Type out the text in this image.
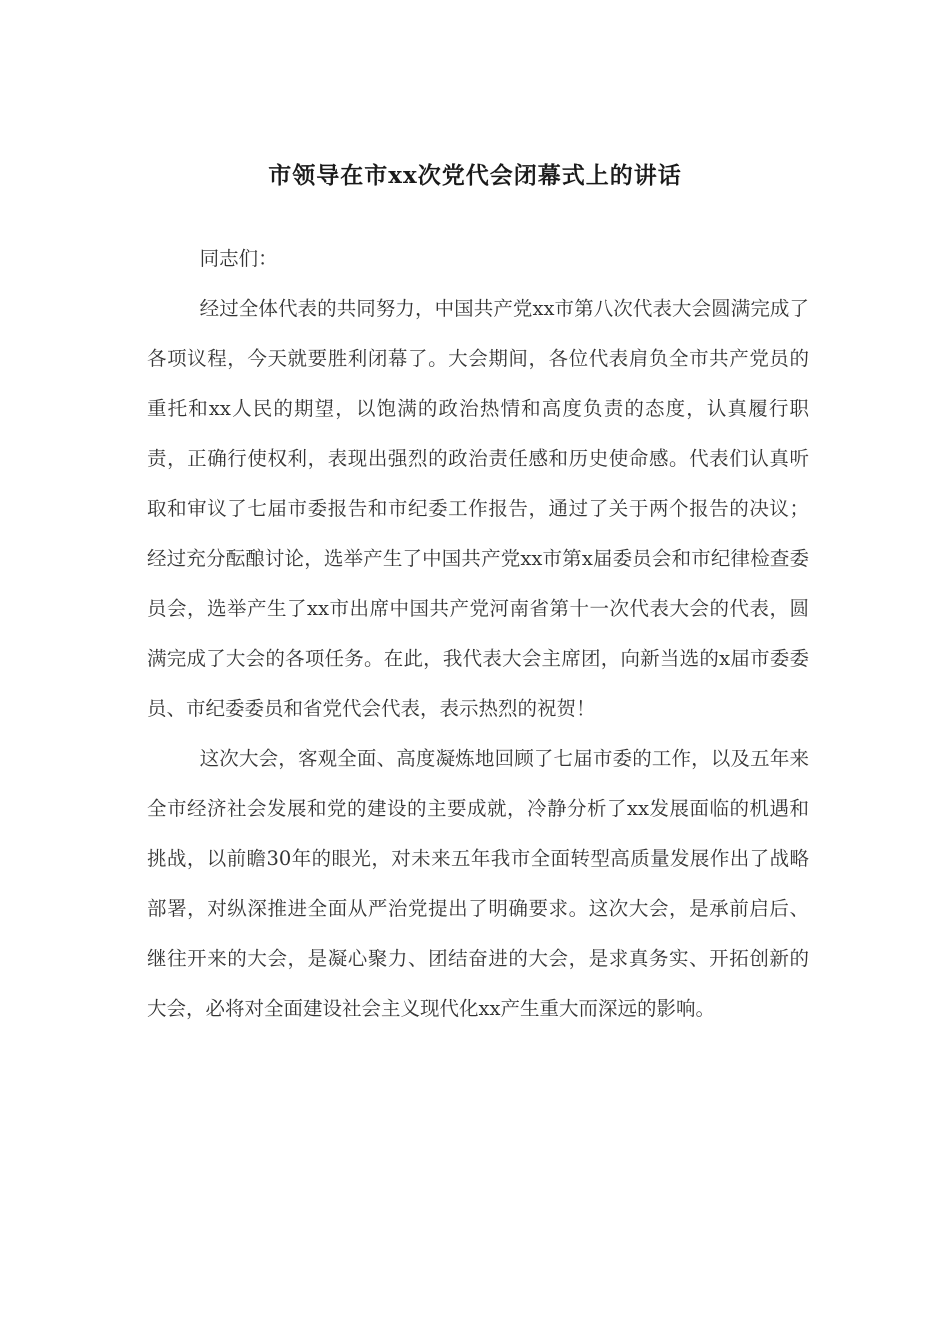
市领导在市xx次党代会闭幕式上的讲话

同志们：

经过全体代表的共同努力，中国共产党xx市第八次代表大会圆满完成了各项议程，今天就要胜利闭幕了。大会期间，各位代表肩负全市共产党员的重托和xx人民的期望，以饱满的政治热情和高度负责的态度，认真履行职责，正确行使权利，表现出强烈的政治责任感和历史使命感。代表们认真听取和审议了七届市委报告和市纪委工作报告，通过了关于两个报告的决议；经过充分酝酿讨论，选举产生了中国共产党xx市第x届委员会和市纪律检查委员会，选举产生了xx市出席中国共产党河南省第十一次代表大会的代表，圆满完成了大会的各项任务。在此，我代表大会主席团，向新当选的x届市委委员、市纪委委员和省党代会代表，表示热烈的祝贺！

这次大会，客观全面、高度凝炼地回顾了七届市委的工作，以及五年来全市经济社会发展和党的建设的主要成就，冷静分析了xx发展面临的机遇和挑战，以前瞻30年的眼光，对未来五年我市全面转型高质量发展作出了战略部署，对纵深推进全面从严治党提出了明确要求。这次大会，是承前启后、继往开来的大会，是凝心聚力、团结奋进的大会，是求真务实、开拓创新的大会，必将对全面建设社会主义现代化xx产生重大而深远的影响。
